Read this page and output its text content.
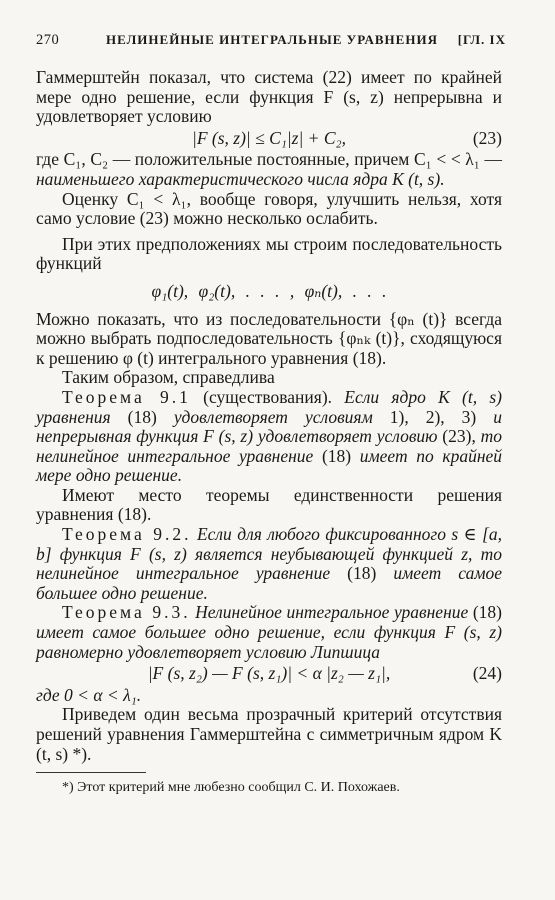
270	НЕЛИНЕЙНЫЕ ИНТЕГРАЛЬНЫЕ УРАВНЕНИЯ [ГЛ. IX

Гаммерштейн показал, что система (22) имеет по крайней мере одно решение, если функция F (s, z) непрерывна и удовлетворяет условию

|F (s, z)| ≤ C₁|z| + C₂,	(23)

где C₁, C₂ — положительные постоянные, причем C₁ < < λ₁ — наименьшего характеристического числа ядра K (t, s).

Оценку C₁ < λ₁, вообще говоря, улучшить нельзя, хотя само условие (23) можно несколько ослабить.

При этих предположениях мы строим последовательность функций

φ₁(t), φ₂(t), . . . , φₙ(t), . . .

Можно показать, что из последовательности {φₙ (t)} всегда можно выбрать подпоследовательность {φₙₖ (t)}, сходящуюся к решению φ (t) интегрального уравнения (18).

Таким образом, справедлива

Теорема 9.1 (существования). Если ядро K (t, s) уравнения (18) удовлетворяет условиям 1), 2), 3) и непрерывная функция F (s, z) удовлетворяет условию (23), то нелинейное интегральное уравнение (18) имеет по крайней мере одно решение.

Имеют место теоремы единственности решения уравнения (18).

Теорема 9.2. Если для любого фиксированного s ∈ [a, b] функция F (s, z) является неубывающей функцией z, то нелинейное интегральное уравнение (18) имеет самое большее одно решение.

Теорема 9.3. Нелинейное интегральное уравнение (18) имеет самое большее одно решение, если функция F (s, z) равномерно удовлетворяет условию Липшица

|F (s, z₂) — F (s, z₁)| < α |z₂ — z₁|,	(24)

где 0 < α < λ₁.

Приведем один весьма прозрачный критерий отсутствия решений уравнения Гаммерштейна с симметричным ядром K (t, s) *).

*) Этот критерий мне любезно сообщил С. И. Похожаев.
